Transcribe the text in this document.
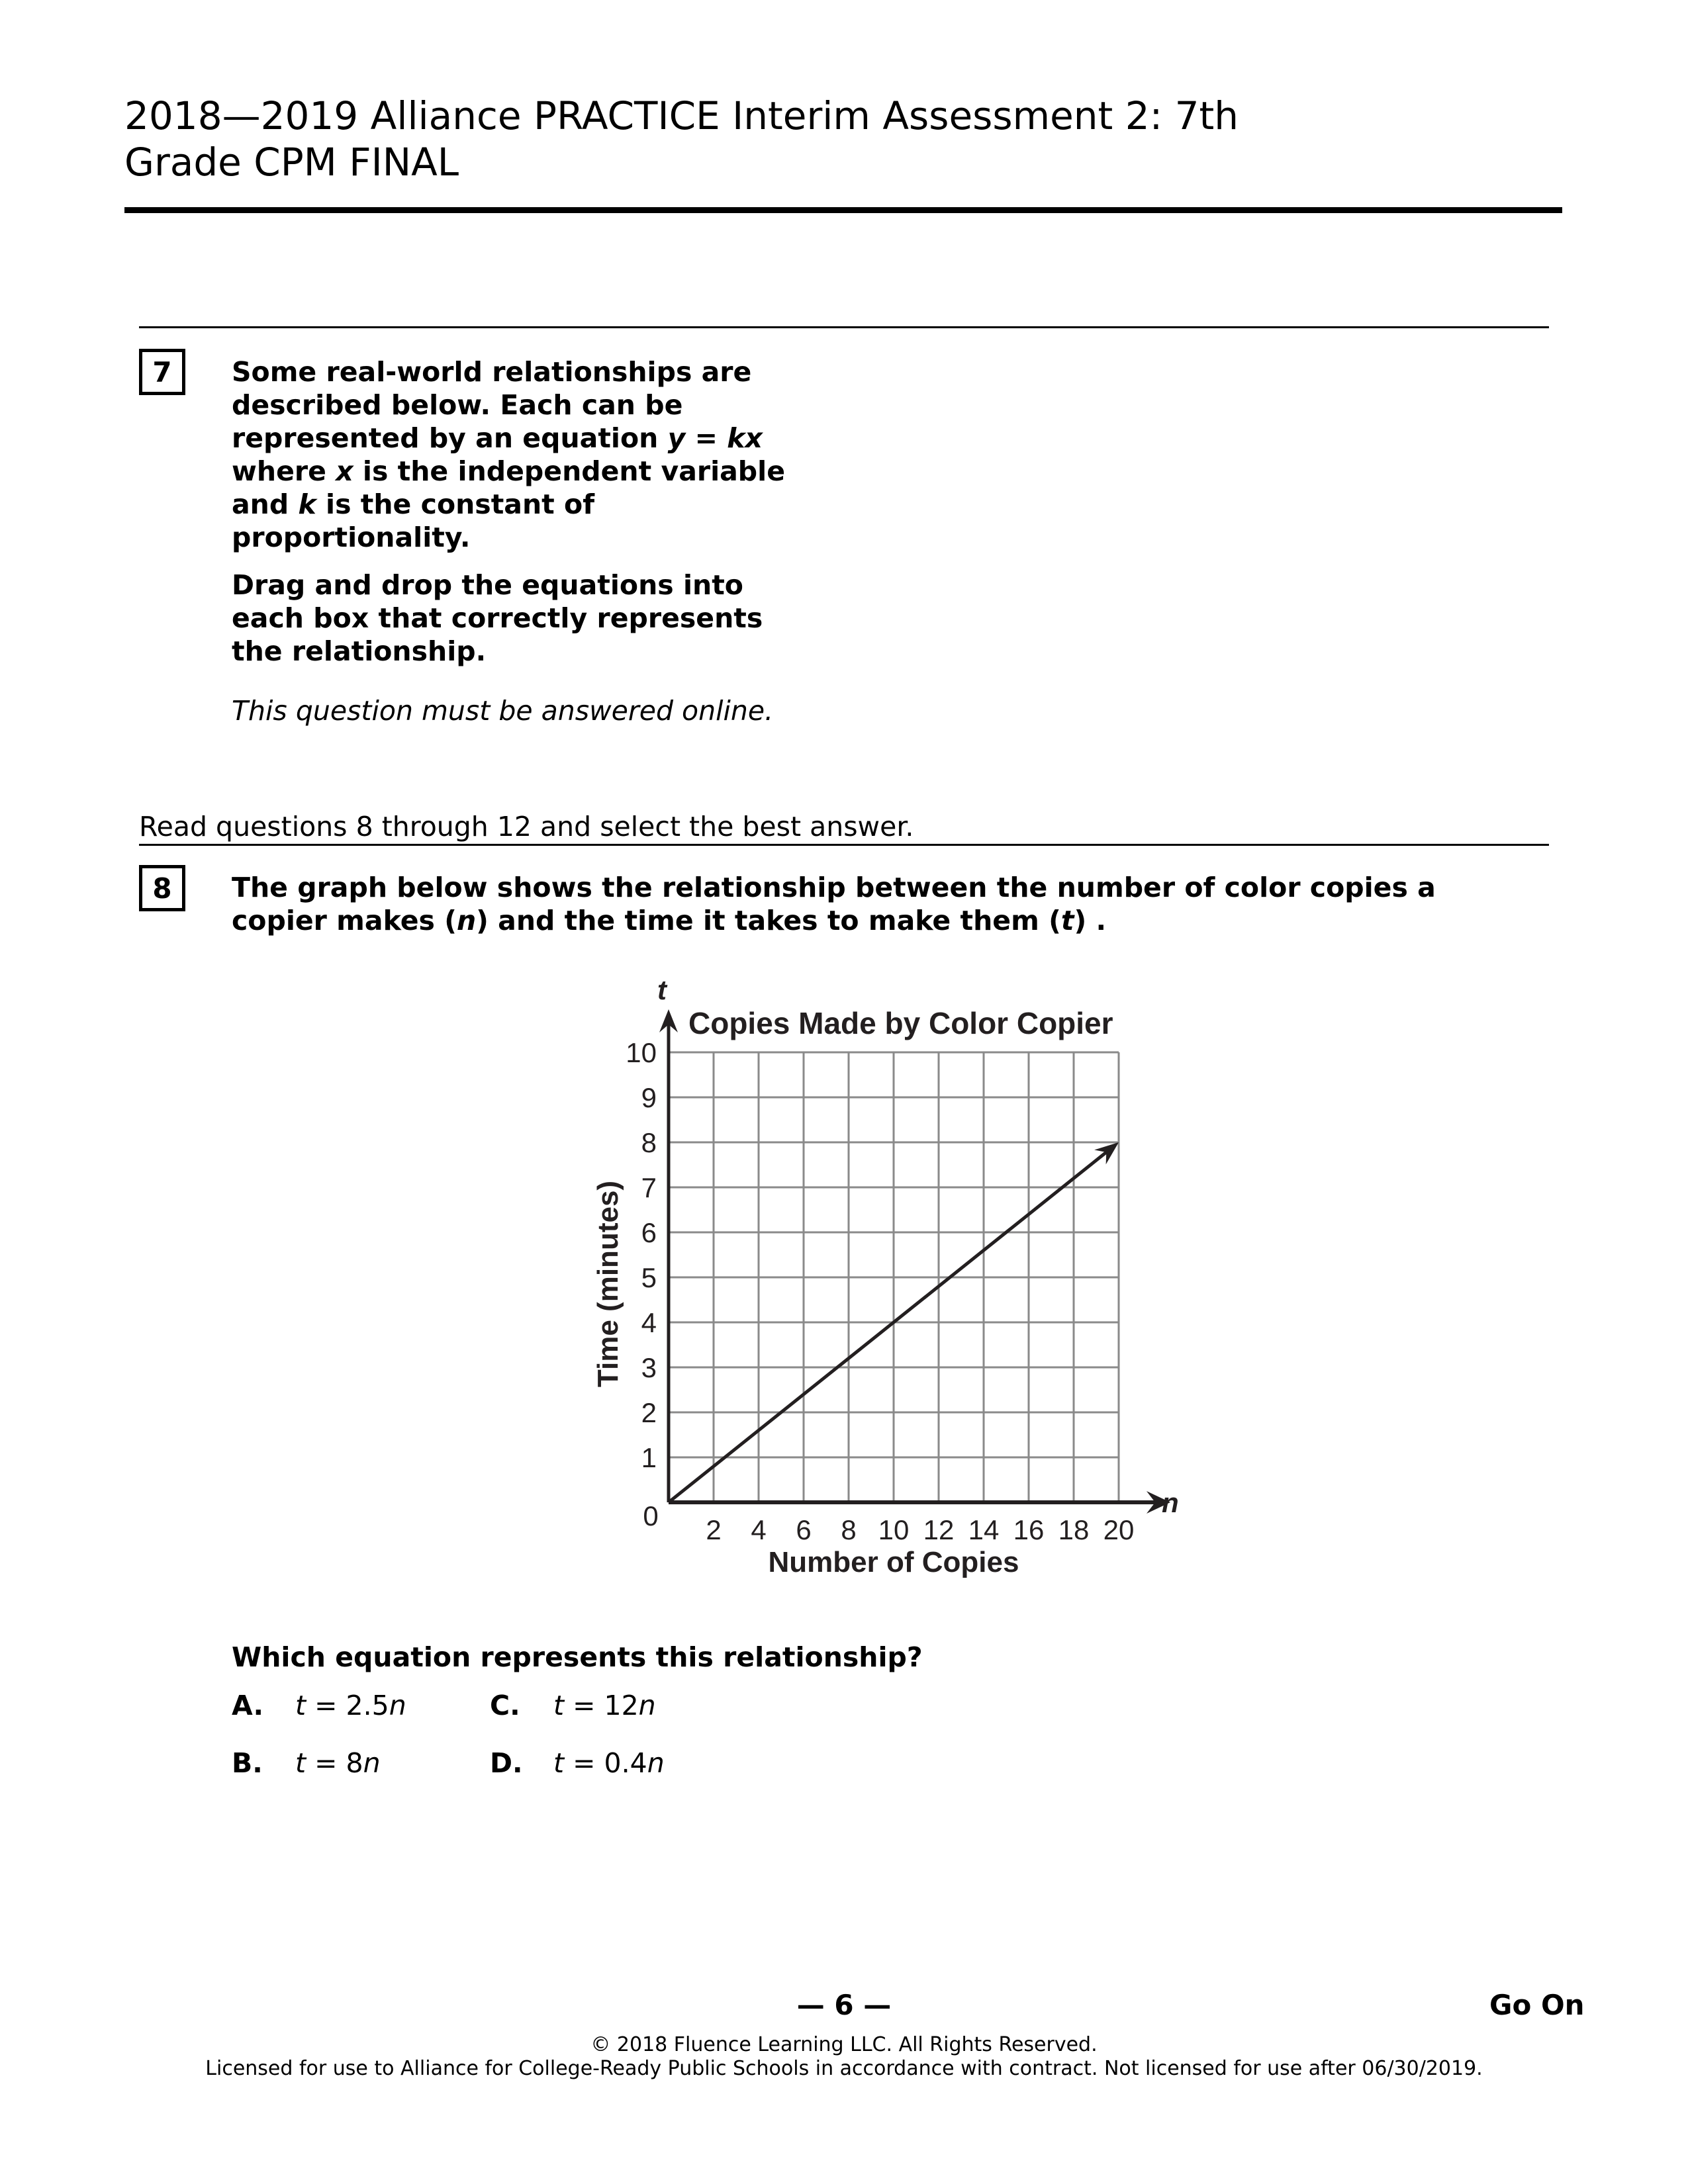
2018—2019 Alliance PRACTICE Interim Assessment 2: 7th
Grade CPM FINAL
7 Some real-world relationships are

described below. Each can be

represented by an equation y = kx

where x is the independent variable

and k is the constant of

proportionality.

Drag and drop the equations into

each box that correctly represents

the relationship.

This question must be answered online.
Read questions 8 through 12 and select the best answer.
8 The graph below shows the relationship between the number of color copies a

copier makes (n) and the time it takes to make them (t) .

2 4 6 8 10 12 14 16 18 20
1
2
3
4
5
6
7
8
9
10
Copies Made by Color Copier
Number of Copies
Time (minutes)
t
n
0
Which equation represents this relationship?
A.	t = 2.5n
B.	t = 8n
C.	t = 12n
D.	t = 0.4n
— 6 —	Go On
© 2018 Fluence Learning LLC. All Rights Reserved.
Licensed for use to Alliance for College-Ready Public Schools in accordance with contract. Not licensed for use after 06/30/2019.
